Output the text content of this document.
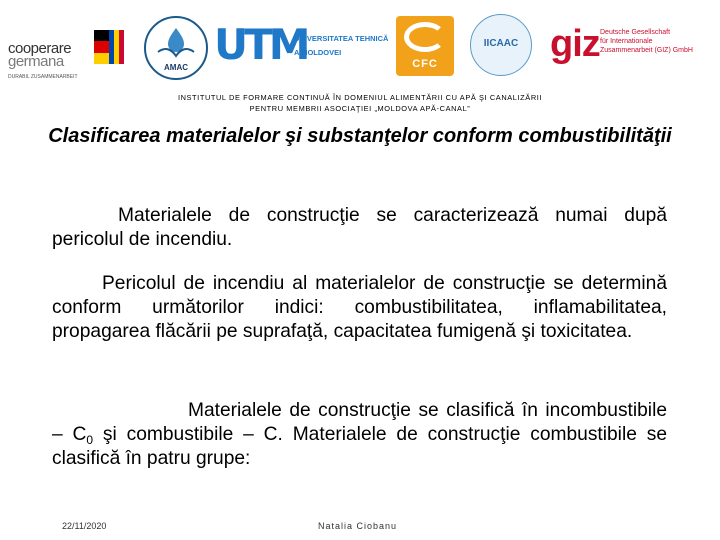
cooperare
germana
DURABIL ZUSAMMENARBEIT
AMAC UTM
UNIVERSITATEA TEHNICĂ
A MOLDOVEI
CFC
IICAAC giz Deutsche Gesellschaft
für Internationale
Zusammenarbeit (GIZ) GmbH
INSTITUTUL DE FORMARE CONTINUĂ ÎN DOMENIUL ALIMENTĂRII CU APĂ ŞI CANALIZĂRII
PENTRU MEMBRII ASOCIAŢIEI „MOLDOVA APĂ-CANAL”
Clasificarea materialelor şi substanţelor conform combustibilităţii
Materialele de construcţie se caracterizează numai după pericolul de incendiu.
Pericolul de incendiu al materialelor de construcţie se determină conform următorilor indici: combustibilitatea, inflamabilitatea, propagarea flăcării pe suprafaţă, capacitatea fumigenă şi toxicitatea.
Materialele de construcţie se clasifică în incombustibile – $C_0$ şi combustibile – C. Materialele de construcţie combustibile se clasifică în patru grupe:
22/11/2020	Natalia Ciobanu
